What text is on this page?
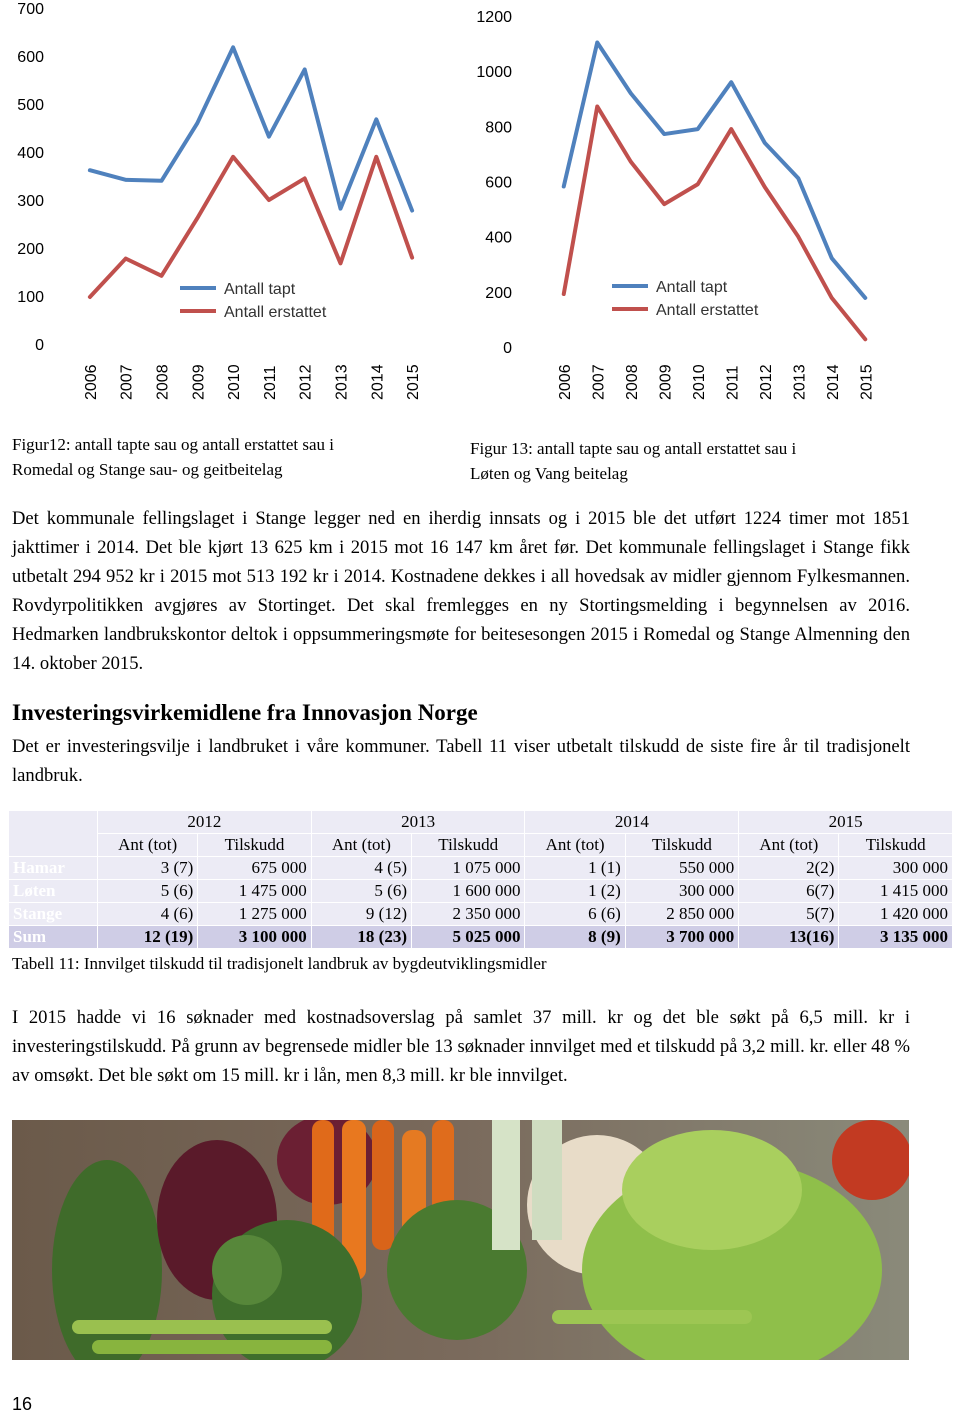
0
100
200
300
400
500
600
700
2006 2007 2008 2009 2010 2011 2012 2013 2014 2015
Antall tapt
Antall erstattet
0
200
400
600
800
1000
1200
2006 2007 2008 2009 2010 2011 2012 2013 2014 2015
Antall tapt
Antall erstattet
Figur12: antall tapte sau og antall erstattet sau i
Romedal og Stange sau- og geitbeitelag
Figur 13: antall tapte sau og antall erstattet sau i
Løten og Vang beitelag
Det kommunale fellingslaget i Stange legger ned en iherdig innsats og i 2015 ble det utført 1224 timer mot 1851 jakttimer i 2014. Det ble kjørt 13 625 km i 2015 mot 16 147 km året før. Det kommunale fellingslaget i Stange fikk utbetalt 294 952 kr i 2015 mot 513 192 kr i 2014. Kostnadene dekkes i all hovedsak av midler gjennom Fylkesmannen. Rovdyrpolitikken avgjøres av Stortinget. Det skal fremlegges en ny Stortingsmelding i begynnelsen av 2016. Hedmarken landbrukskontor deltok i oppsummeringsmøte for beitesesongen 2015 i Romedal og Stange Almenning den 14. oktober 2015.
Investeringsvirkemidlene fra Innovasjon Norge
Det er investeringsvilje i landbruket i våre kommuner. Tabell 11 viser utbetalt tilskudd de siste fire år til tradisjonelt landbruk.
	2012		2013		2014		2015	
	Ant (tot)	Tilskudd	Ant (tot)	Tilskudd	Ant (tot)	Tilskudd	Ant (tot)	Tilskudd
Hamar	3 (7)	675 000	4 (5)	1 075 000	1 (1)	550 000	2(2)	300 000
Løten	5 (6)	1 475 000	5 (6)	1 600 000	1 (2)	300 000	6(7)	1 415 000
Stange	4 (6)	1 275 000	9 (12)	2 350 000	6 (6)	2 850 000	5(7)	1 420 000
Sum	12 (19)	3 100 000	18 (23)	5 025 000	8 (9)	3 700 000	13(16)	3 135 000
Tabell 11: Innvilget tilskudd til tradisjonelt landbruk av bygdeutviklingsmidler
I 2015 hadde vi 16 søknader med kostnadsoverslag på samlet 37 mill. kr og det ble søkt på 6,5 mill. kr i investeringstilskudd. På grunn av begrensede midler ble 13 søknader innvilget med et tilskudd på 3,2 mill. kr. eller 48 % av omsøkt. Det ble søkt om 15 mill. kr i lån, men 8,3 mill. kr ble innvilget.
16
